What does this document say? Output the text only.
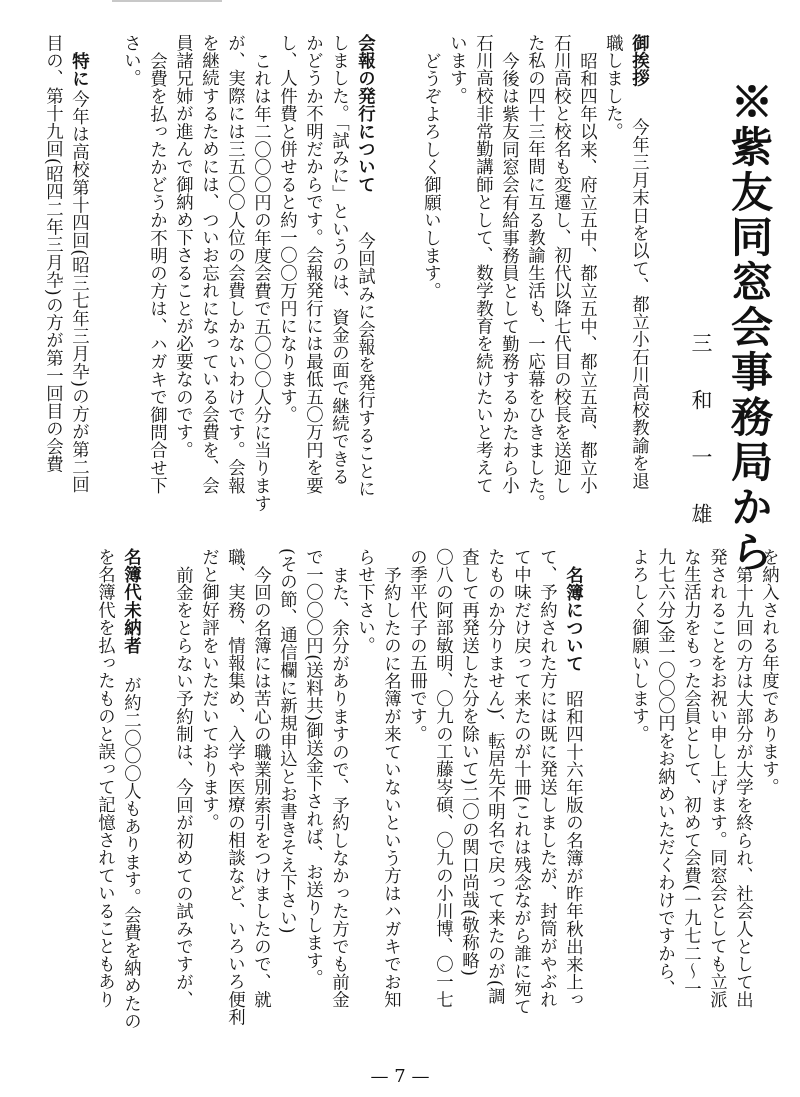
※紫友同窓会事務局から

三和一雄

御挨拶

今年三月末日を以て、都立小石川高校教諭を退

職しました。

昭和四年以来、府立五中、都立五中、都立五高、都立小

石川高校と校名も変遷し、初代以降七代目の校長を送迎し

た私の四十三年間に互る教諭生活も、一応幕をひきました。

今後は紫友同窓会有給事務員として勤務するかたわら小

石川高校非常勤講師として、数学教育を続けたいと考えて

います。

どうぞよろしく御願いします。

会報の発行について

今回試みに会報を発行することに

しました。「試みに」というのは、資金の面で継続できる

かどうか不明だからです。会報発行には最低五〇万円を要

し、人件費と併せると約一〇〇万円になります。

これは年二〇〇〇円の年度会費で五〇〇〇人分に当ります

が、実際には三五〇〇人位の会費しかないわけです。会報

を継続するためには、ついお忘れになっている会費を、会

員諸兄姉が進んで御納め下さることが必要なのです。

会費を払ったかどうか不明の方は、ハガキで御問合せ下

さい。

特に

今年は高校第十四回(昭三七年三月卆)の方が第二回

目の、第十九回(昭四二年三月卆)の方が第一回目の会費

を納入される年度であります。

第十九回の方は大部分が大学を終られ、社会人として出

発されることをお祝い申し上げます。同窓会としても立派

な生活力をもった会員として、初めて会費(一九七二〜一

九七六分)金一〇〇〇円をお納めいただくわけですから、

よろしく御願いします。

名簿について

昭和四十六年版の名簿が昨年秋出来上っ

て、予約された方には既に発送しましたが、封筒がやぶれ

て中味だけ戻って来たのが十冊(これは残念ながら誰に宛て

たものか分りません)、転居先不明名で戻って来たのが(調

査して再発送した分を除いて)二〇の関口尚哉(敬称略)

〇八の阿部敏明、〇九の工藤岑碩、〇九の小川博、〇一七

の季平代子の五冊です。

予約したのに名簿が来ていないという方はハガキでお知

らせ下さい。

また、余分がありますので、予約しなかった方でも前金

で一〇〇〇円(送料共)御送金下されば、お送りします。

(その節、通信欄に新規申込とお書きそえ下さい)

今回の名簿には苦心の職業別索引をつけましたので、就

職、実務、情報集め、入学や医療の相談など、いろいろ便利

だと御好評をいただいております。

前金をとらない予約制は、今回が初めての試みですが、

名簿代未納者

が約二〇〇〇人もあります。会費を納めたの

を名簿代を払ったものと誤って記憶されていることもあり

— 7 —
